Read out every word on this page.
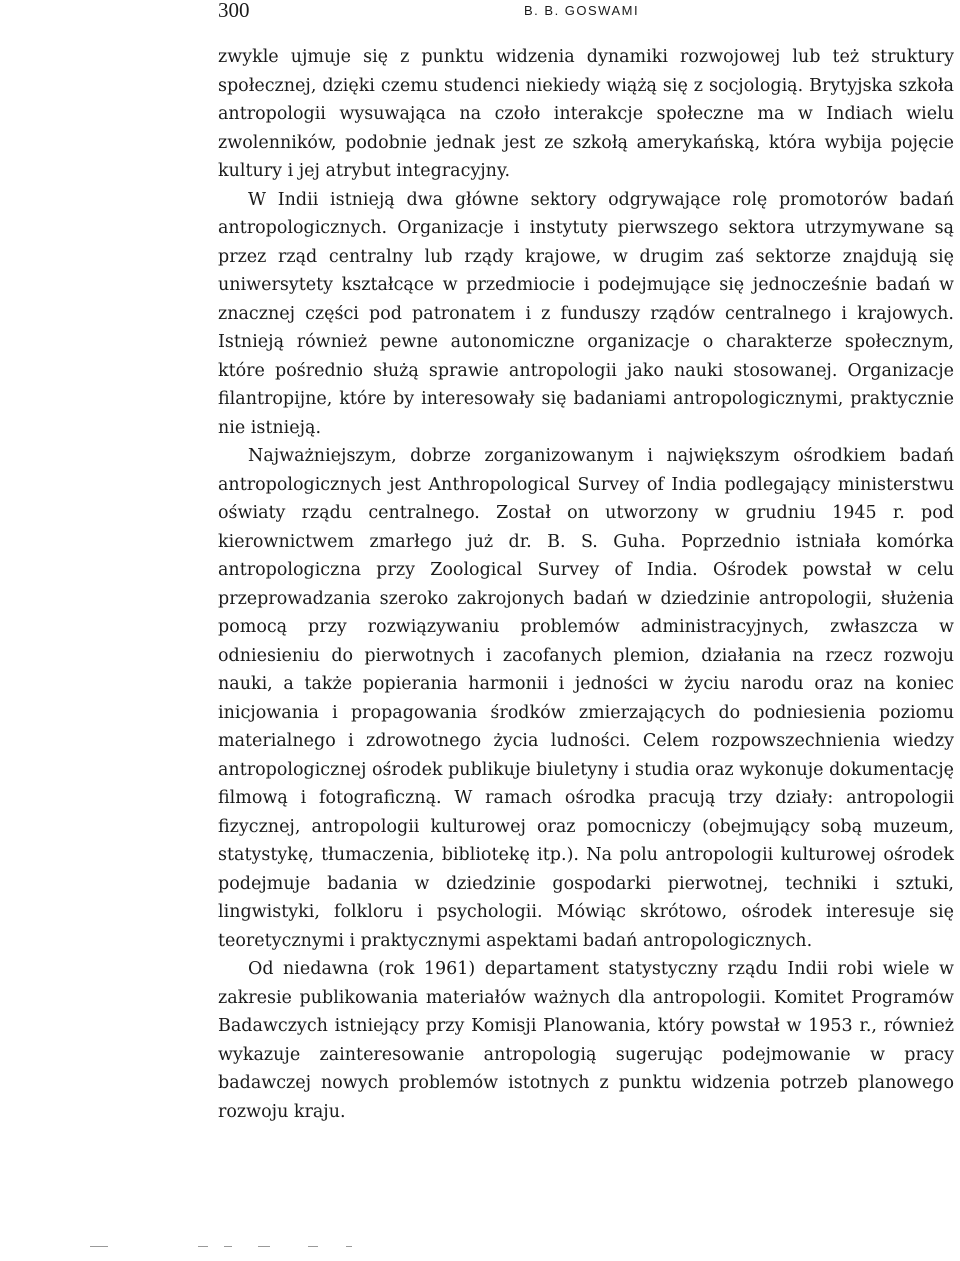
300	B. B. GOSWAMI

zwykle ujmuje się z punktu widzenia dynamiki rozwojowej lub też struktury społecznej, dzięki czemu studenci niekiedy wiążą się z socjologią. Brytyjska szkoła antropologii wysuwająca na czoło interakcje społeczne ma w Indiach wielu zwolenników, podobnie jednak jest ze szkołą amerykańską, która wybija pojęcie kultury i jej atrybut integracyjny.

W Indii istnieją dwa główne sektory odgrywające rolę promotorów badań antropologicznych. Organizacje i instytuty pierwszego sektora utrzymywane są przez rząd centralny lub rządy krajowe, w drugim zaś sektorze znajdują się uniwersytety kształcące w przedmiocie i podejmujące się jednocześnie badań w znacznej części pod patronatem i z funduszy rządów centralnego i krajowych. Istnieją również pewne autonomiczne organizacje o charakterze społecznym, które pośrednio służą sprawie antropologii jako nauki stosowanej. Organizacje filantropijne, które by interesowały się badaniami antropologicznymi, praktycznie nie istnieją.

Najważniejszym, dobrze zorganizowanym i największym ośrodkiem badań antropologicznych jest Anthropological Survey of India podlegający ministerstwu oświaty rządu centralnego. Został on utworzony w grudniu 1945 r. pod kierownictwem zmarłego już dr. B. S. Guha. Poprzednio istniała komórka antropologiczna przy Zoological Survey of India. Ośrodek powstał w celu przeprowadzania szeroko zakrojonych badań w dziedzinie antropologii, służenia pomocą przy rozwiązywaniu problemów administracyjnych, zwłaszcza w odniesieniu do pierwotnych i zacofanych plemion, działania na rzecz rozwoju nauki, a także popierania harmonii i jedności w życiu narodu oraz na koniec inicjowania i propagowania środków zmierzających do podniesienia poziomu materialnego i zdrowotnego życia ludności. Celem rozpowszechnienia wiedzy antropologicznej ośrodek publikuje biuletyny i studia oraz wykonuje dokumentację filmową i fotograficzną. W ramach ośrodka pracują trzy działy: antropologii fizycznej, antropologii kulturowej oraz pomocniczy (obejmujący sobą muzeum, statystykę, tłumaczenia, bibliotekę itp.). Na polu antropologii kulturowej ośrodek podejmuje badania w dziedzinie gospodarki pierwotnej, techniki i sztuki, lingwistyki, folkloru i psychologii. Mówiąc skrótowo, ośrodek interesuje się teoretycznymi i praktycznymi aspektami badań antropologicznych.

Od niedawna (rok 1961) departament statystyczny rządu Indii robi wiele w zakresie publikowania materiałów ważnych dla antropologii. Komitet Programów Badawczych istniejący przy Komisji Planowania, który powstał w 1953 r., również wykazuje zainteresowanie antropologią sugerując podejmowanie w pracy badawczej nowych problemów istotnych z punktu widzenia potrzeb planowego rozwoju kraju.
